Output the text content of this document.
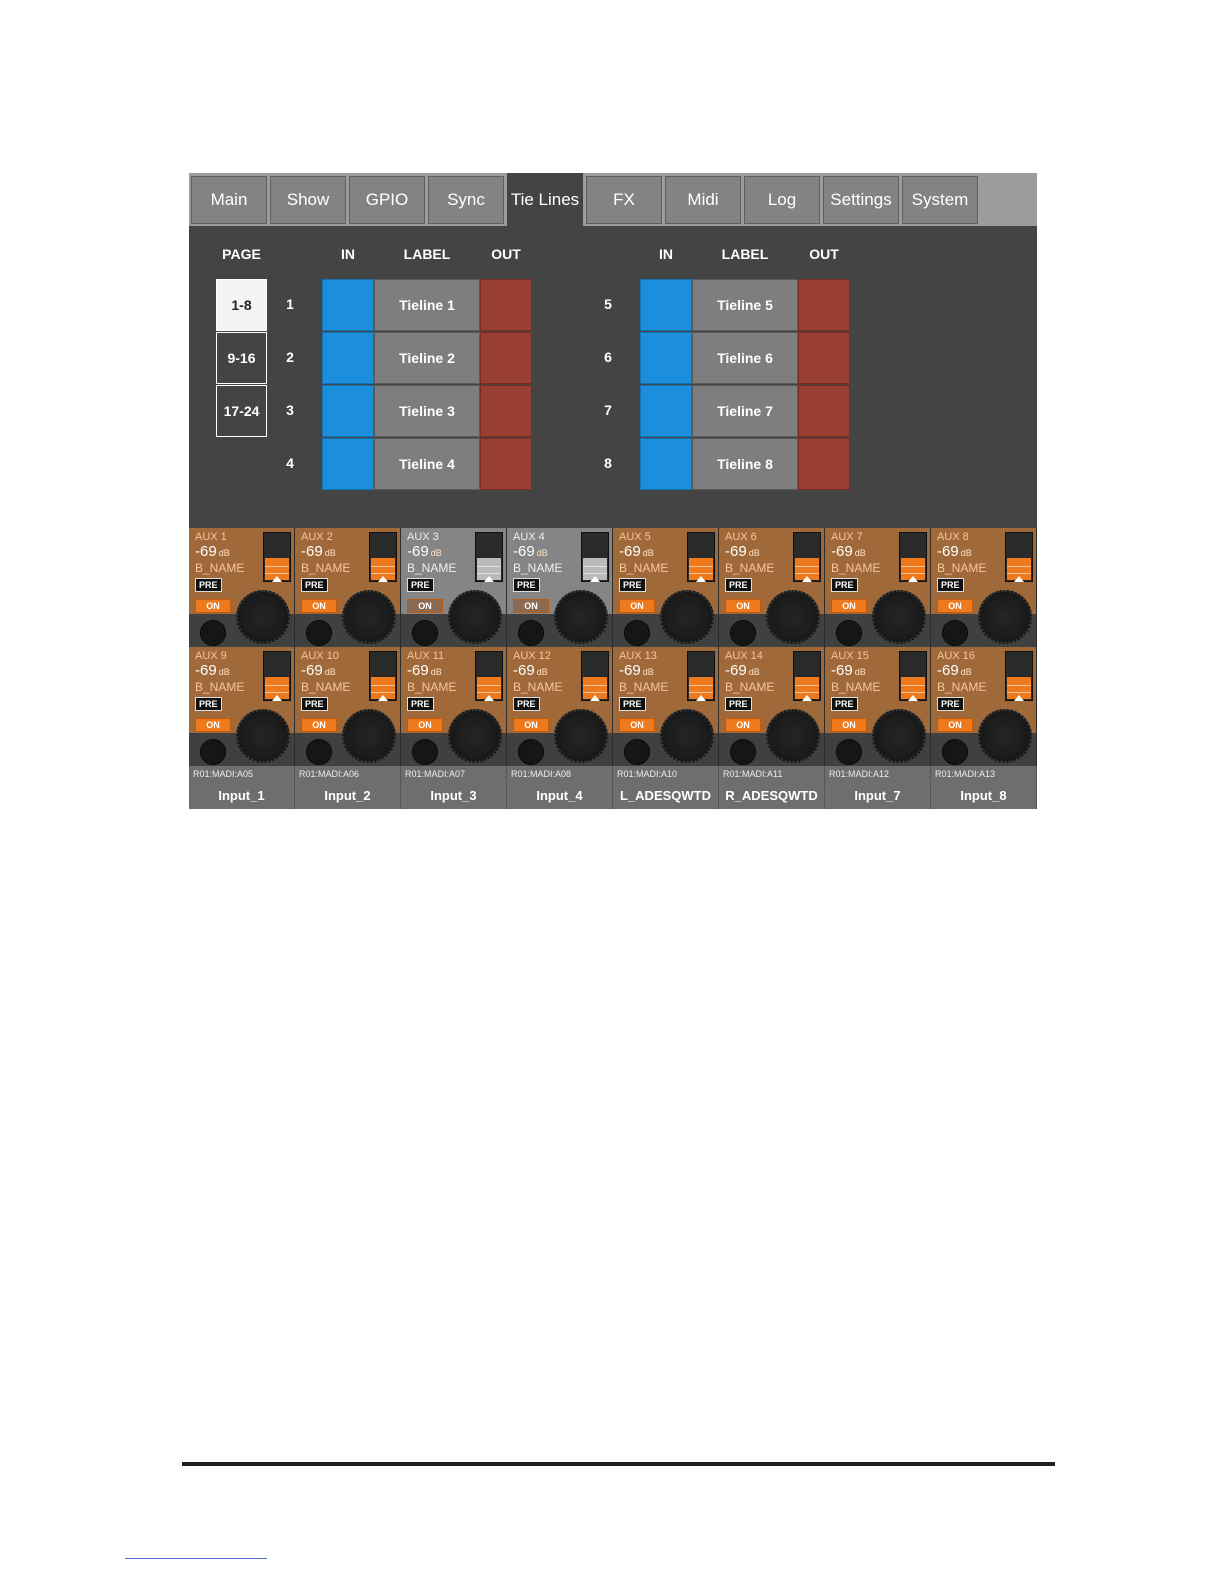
Main	Show	GPIO	Sync	Tie Lines	FX	Midi	Log	Settings	System
PAGE	IN	LABEL	OUT	IN	LABEL	OUT
1	Tieline 1
2	Tieline 2
3	Tieline 3
4	Tieline 4
5	Tieline 5
6	Tieline 6
7	Tieline 7
8	Tieline 8
1-8
9-16
17-24
AUX 1
-69 dB
B_NAME
PRE
ON
AUX 2
-69 dB
B_NAME
PRE
ON
AUX 3
-69 dB
B_NAME
PRE
ON
AUX 4
-69 dB
B_NAME
PRE
ON
AUX 5
-69 dB
B_NAME
PRE
ON
AUX 6
-69 dB
B_NAME
PRE
ON
AUX 7
-69 dB
B_NAME
PRE
ON
AUX 8
-69 dB
B_NAME
PRE
ON
AUX 9
-69 dB
B_NAME
PRE
ON
AUX 10
-69 dB
B_NAME
PRE
ON
AUX 11
-69 dB
B_NAME
PRE
ON
AUX 12
-69 dB
B_NAME
PRE
ON
AUX 13
-69 dB
B_NAME
PRE
ON
AUX 14
-69 dB
B_NAME
PRE
ON
AUX 15
-69 dB
B_NAME
PRE
ON
AUX 16
-69 dB
B_NAME
PRE
ON
R01:MADI:A05
Input_1
R01:MADI:A06
Input_2
R01:MADI:A07
Input_3
R01:MADI:A08
Input_4
R01:MADI:A10
L_ADESQWTD
R01:MADI:A11
R_ADESQWTD
R01:MADI:A12
Input_7
R01:MADI:A13
Input_8
